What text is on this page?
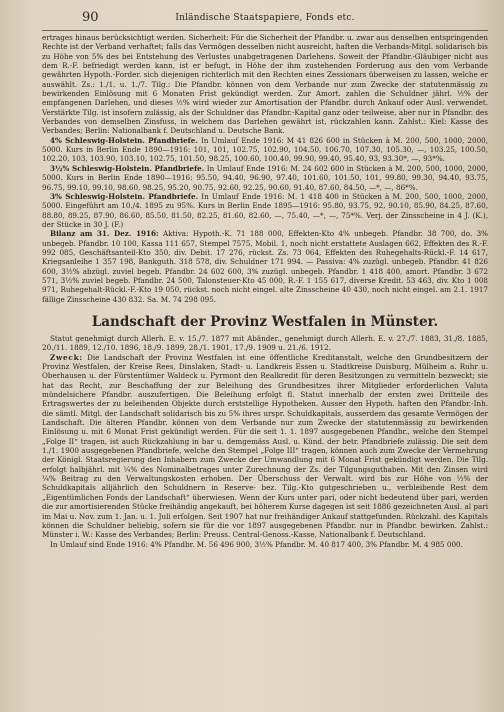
90	Inländische Staatspapiere, Fonds etc.

ertrages hinaus berücksichtigt werden. Sicherheit: Für die Sicherheit der Pfandbr. u. zwar aus denselben entspringenden Rechte ist der Verband verhaftet; falls das Vermögen desselben nicht ausreicht, haften die Verbands-Mitgl. solidarisch bis zu Höhe von 5% des bei Entstehung des Verlustes unabgetragenen Darlehens. Soweit der Pfandbr.-Gläubiger nicht aus dem R.-F. befriedigt werden kann, ist er befugt, in Höhe der ihm zustehenden Forderung aus den vom Verbande gewährten Hypoth.-Forder. sich diejenigen richterlich mit den Rechten eines Zessionars überweisen zu lassen, welche er auswählt. Zs.: 1./1. u. 1./7. Tilg.: Die Pfandbr. können von dem Verbande nur zum Zwecke der statutenmässig zu bewirkenden Einlösung mit 6 Monaten Frist gekündigt werden. Zur Amort. zahlen die Schuldner jährl. ½% der empfangenen Darlehen, und dieses ½% wird wieder zur Amortisation der Pfandbr. durch Ankauf oder Ausl. verwendet. Verstärkte Tilg. ist insofern zulässig, als der Schuldner das Pfandbr.-Kapital ganz oder teilweise, aber nur in Pfandbr. des Verbandes von demselben Zinsfuss, in welchem das Darlehen gewährt ist, rückzahlen kann. Zahlst.: Kiel: Kasse des Verbandes; Berlin: Nationalbank f. Deutschland u. Deutsche Bank.

4% Schleswig-Holstein. Pfandbriefe. In Umlauf Ende 1916: M 41 826 600 in Stücken à M. 200, 500, 1000, 2000, 5000. Kurs in Berlin Ende 1890—1916: 101, 101, 102.75, 102.90, 104.50, 106.70, 107.30, 105.30, —, 103.25, 100.50, 102.20, 103, 103.90, 103.10, 102.75, 101.50, 98.25, 100.60, 100.40, 99.90, 99.40, 95.40, 93, 93.30*, —, 93*%.

3½% Schleswig-Holstein. Pfandbriefe. In Umlauf Ende 1916: M. 24 602 600 in Stücken à M. 200, 500, 1000, 2000, 5000. Kurs in Berlin Ende 1890—1916: 95.50, 94.40, 96.90, 97.40, 101.60, 101.50, 101, 99.80, 99.30, 94.40, 93.75, 96.75, 99.10, 99.10, 98.60, 98.25, 95.20, 90.75, 92.60, 92.25, 90.60, 91.40, 87.60, 84.50, —*, —, 86*%.

3% Schleswig-Holstein. Pfandbriefe. In Umlauf Ende 1916: M. 1 418 400 in Stücken à M. 200, 500, 1000, 2000, 5000. Eingeführt am 10./4. 1895 zu 95%. Kurs in Berlin Ende 1895—1916: 95.80, 93.75, 92, 90.10, 85.90, 84.25, 87.60, 88.80, 89.25, 87.90, 86.60, 85.50, 81.50, 82.25, 81.60, 82.60, —, 75.40, —*, —, 75*%. Verj. der Zinsscheine in 4 J. (K.), der Stücke in 30 J. (F.)

Bilanz am 31. Dez. 1916: Aktiva: Hypoth.-K. 71 188 000, Effekten-Kto 4% unbegeb. Pfandbr. 38 700, do. 3% unbegeb. Pfandbr. 10 100, Kassa 111 657, Stempel 7575, Mobil. 1, noch nicht erstattete Auslagen 662, Effekten des R.-F. 992 085, Geschäftsanteil-Kto 350, div. Debit. 17 276, rückst. Zs. 73 064, Effekten des Ruhegehalts-Rückl.-F. 14 617, Kriegsanleihe 1 357 198, Bankguth. 318 578, div. Schuldner 171 994. — Passiva: 4% zuzügl. unbegeb. Pfandbr. 41 826 600, 3½% abzügl. zuviel begeb. Pfandbr. 24 602 600, 3% zuzügl. unbegeb. Pfandbr. 1 418 400, amort. Pfandbr. 3 672 571, 3½% zuviel begeb. Pfandbr. 24 500, Talonsteuer-Kto 45 000, R.-F. 1 155 617, diverse Kredit. 53 463, div. Kto 1 008 971, Ruhegehalt-Rückl.-F.-Kto 19 050, rückst. noch nicht eingel. alte Zinsscheine 40 430, noch nicht eingel. am 2.1. 1917 fällige Zinsscheine 430 832. Sa. M. 74 298 095.

Landschaft der Provinz Westfalen in Münster.

Statut genehmigt durch Allerh. E. v. 15./7. 1877 mit Abänder., genehmigt durch Allerh. E. v. 27./7. 1883, 31./8. 1885, 20./11. 1889, 12./10. 1896, 18./9. 1899, 28./1. 1901, 17./9. 1909 u. 21./6. 1912.

Zweck: Die Landschaft der Provinz Westfalen ist eine öffentliche Kreditanstalt, welche den Grundbesitzern der Provinz Westfalen, der Kreise Rees, Dinslaken, Stadt- u. Landkreis Essen u. Stadtkreise Duisburg, Mülheim a. Ruhr u. Oberhausen u. der Fürstentümer Waldeck u. Pyrmont den Realkredit für deren Besitzungen zu vermitteln bezweckt; sie hat das Recht, zur Beschaffung der zur Beleihung des Grundbesitzes ihrer Mitglieder erforderlichen Valuta mündelsichere Pfandbr. auszufertigen. Die Beleihung erfolgt fl. Statut innerhalb der ersten zwei Dritteile des Ertragswertes der zu beleihenden Objekte durch erststellige Hypotheken. Ausser den Hypoth. haften den Pfandbr.-Inh. die sämtl. Mitgl. der Landschaft solidarisch bis zu 5% ihres urspr. Schuldkapitals, ausserdem das gesamte Vermögen der Landschaft. Die älteren Pfandbr. können von dem Verbande nur zum Zwecke der statutenmässig zu bewirkenden Einlösung u. mit 6 Monat Frist gekündigt werden. Für die seit 1. 1. 1897 ausgegebenen Pfandbr., welche den Stempel „Folge II“ tragen, ist auch Rückzahlung in bar u. demgemäss Ausl. u. Künd. der betr. Pfandbriefe zulässig. Die seit dem 1./1. 1900 ausgegebenen Pfandbriefe, welche den Stempel „Folge III“ tragen, können auch zum Zwecke der Vermehrung der Königl. Staatsregierung den Inhabern zum Zwecke der Umwandlung mit 6 Monat Frist gekündigt werden. Die Tilg. erfolgt halbjährl. mit ¼% des Nominalbetrages unter Zurechnung der Zs. der Tilgungsguthaben. Mit den Zinsen wird ¼% Beitrag zu den Verwaltungskosten erhoben. Der Überschuss der Verwalt. wird bis zur Höhe von ½% der Schuldkapitals alljährlich den Schuldnern in Reserve- bez. Tilg.-Kto gutgeschrieben u., verbleibende Rest dem „Eigentümlichen Fonds der Landschaft“ überwiesen. Wenn der Kurs unter pari, oder nicht bedeutend über pari, werden die zur amortisierenden Stücke freihändig angekauft, bei höherem Kurse dagegen ist seit 1886 gezeichneten Ausl. al pari im Mai u. Nov. zum 1. Jan. u. 1. Juli erfolgen. Seit 1907 hat nur freihändiger Ankauf stattgefunden. Rückzahl. des Kapitals können die Schuldner beliebig, sofern sie für die vor 1897 ausgegebenen Pfandbr. nur in Pfandbr. bewirken. Zahlst.: Münster i. W.: Kasse des Verbandes; Berlin: Preuss. Central-Genoss.-Kasse, Nationalbank f. Deutschland.

In Umlauf sind Ende 1916: 4% Pfandbr. M. 56 496 900, 3½% Pfandbr. M. 40 817 400, 3% Pfandbr. M. 4 985 000.
